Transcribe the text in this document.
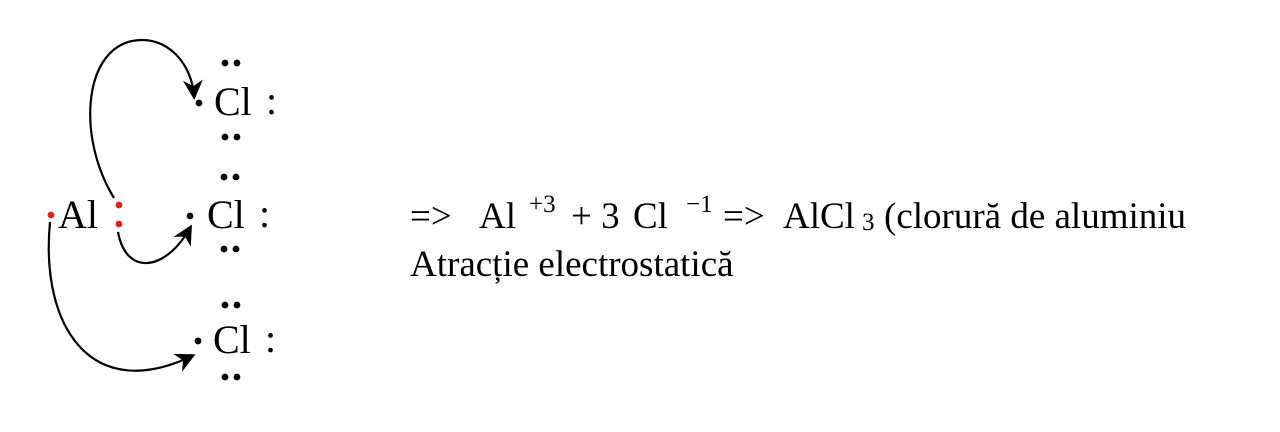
Al
Cl :
Cl :
Cl :
=> Al +3 + 3 Cl −1 => AlCl 3 (clorură de aluminiu
Atracție electrostatică
